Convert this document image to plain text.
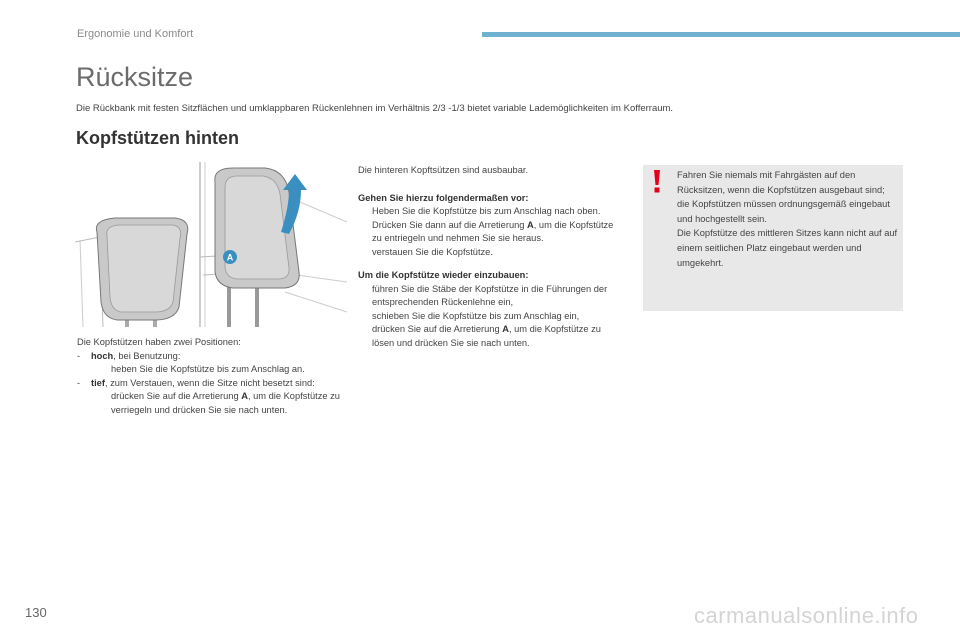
Ergonomie und Komfort
Rücksitze
Die Rückbank mit festen Sitzflächen und umklappbaren Rückenlehnen im Verhältnis 2/3 -1/3 bietet variable Lademöglichkeiten im Kofferraum.
Kopfstützen hinten
A

Die Kopfstützen haben zwei Positionen:

-	hoch, bei Benutzung:
heben Sie die Kopfstütze bis zum Anschlag an.
-	tief, zum Verstauen, wenn die Sitze nicht besetzt sind:
drücken Sie auf die Arretierung A, um die Kopfstütze zu verriegeln und drücken Sie sie nach unten.

Die hinteren Kopftsützen sind ausbaubar.

Gehen Sie hierzu folgendermaßen vor:

Heben Sie die Kopfstütze bis zum Anschlag nach oben.
Drücken Sie dann auf die Arretierung A, um die Kopfstütze zu entriegeln und nehmen Sie sie heraus.
verstauen Sie die Kopfstütze.

Um die Kopfstütze wieder einzubauen:

führen Sie die Stäbe der Kopfstütze in die Führungen der entsprechenden Rückenlehne ein,
schieben Sie die Kopfstütze bis zum Anschlag ein,
drücken Sie auf die Arretierung A, um die Kopfstütze zu lösen und drücken Sie sie nach unten.
Fahren Sie niemals mit Fahrgästen auf den Rücksitzen, wenn die Kopfstützen ausgebaut sind; die Kopfstützen müssen ordnungsgemäß eingebaut und hochgestellt sein.
Die Kopfstütze des mittleren Sitzes kann nicht auf auf einem seitlichen Platz eingebaut werden und umgekehrt.
130	carmanualsonline.info
